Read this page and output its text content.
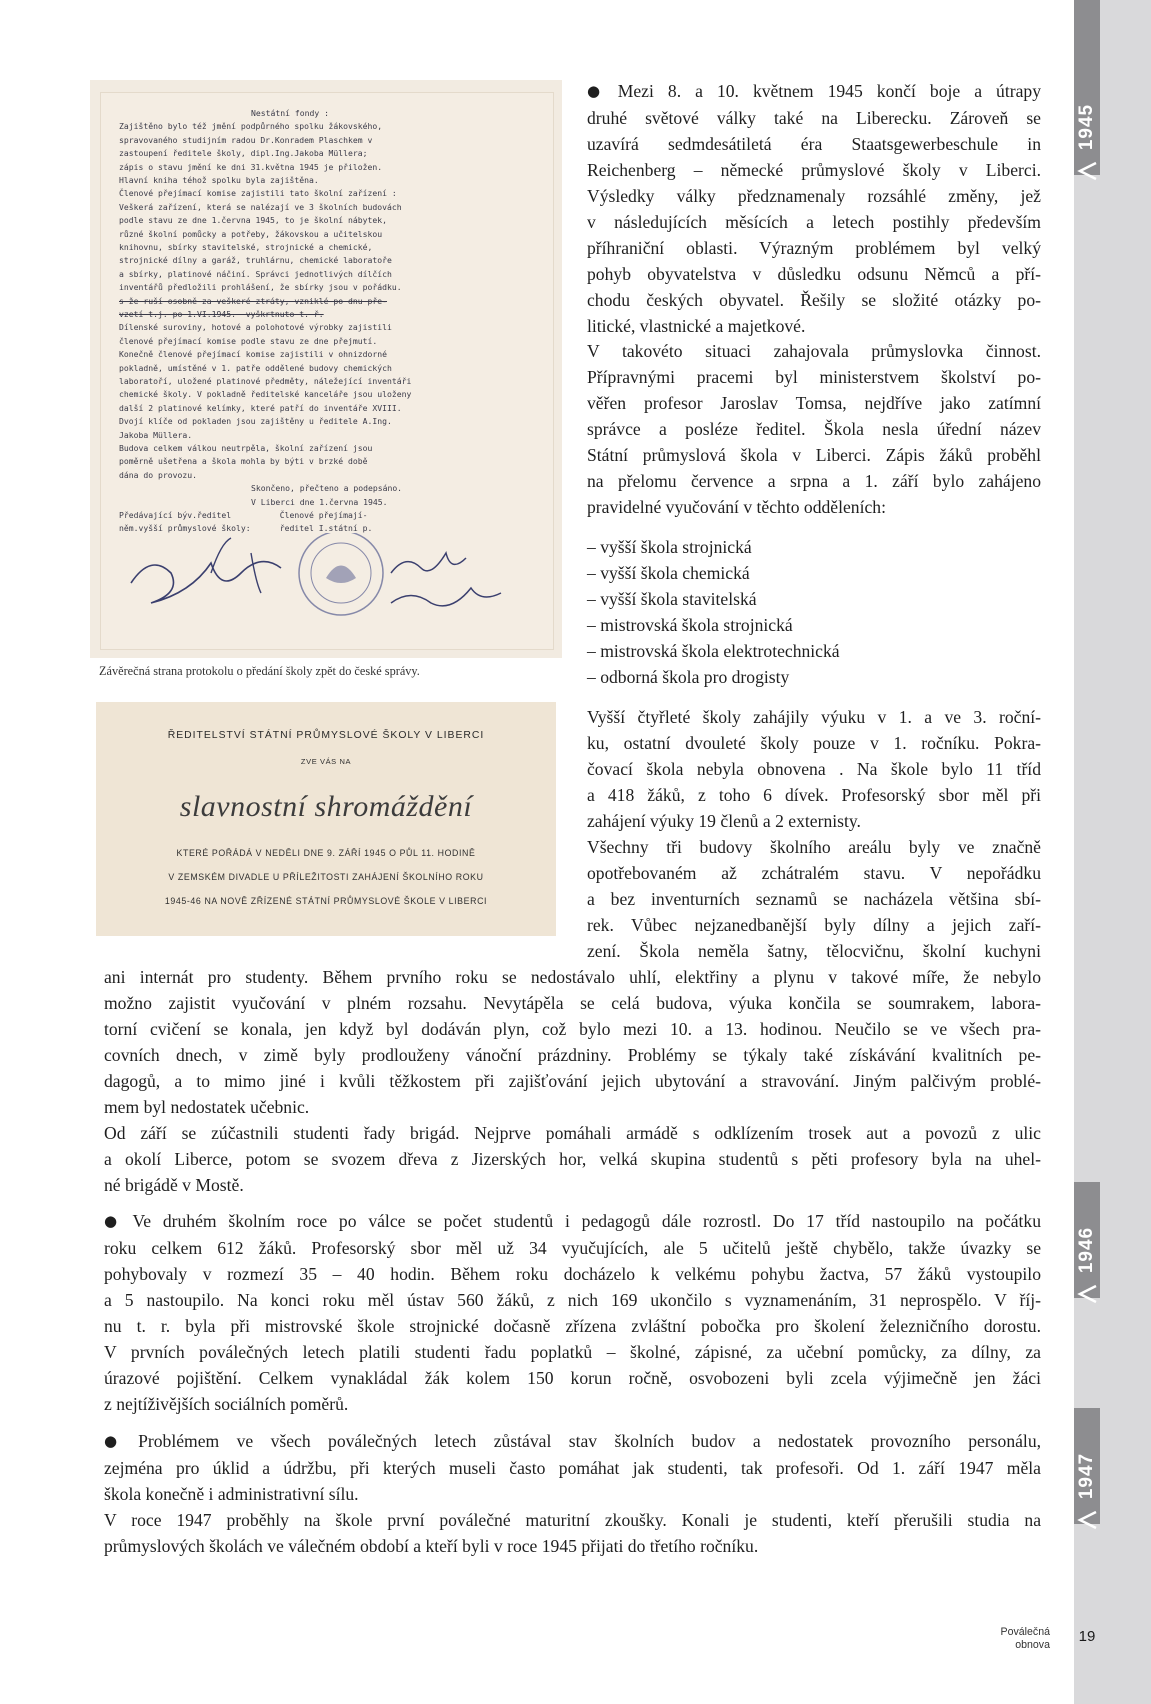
1945
1946
1947
Nestátní fondy :
Zajištěno bylo též jmění podpůrného spolku žákovského,
spravovaného studijním radou Dr.Konradem Plaschkem v
zastoupení ředitele školy, dipl.Ing.Jakoba Müllera;
zápis o stavu jmění ke dni 31.května 1945 je přiložen.
Hlavní kniha téhož spolku byla zajištěna.
Členové přejímací komise zajistili tato školní zařízení :
Veškerá zařízení, která se nalézají ve 3 školních budovách
podle stavu ze dne 1.června 1945, to je školní nábytek,
různé školní pomůcky a potřeby, žákovskou a učitelskou
knihovnu, sbírky stavitelské, strojnické a chemické,
strojnické dílny a garáž, truhlárnu, chemické laboratoře
a sbírky, platinové náčiní. Správci jednotlivých dílčích
inventářů předložili prohlášení, že sbírky jsou v pořádku.
s že ruší osobně za veškeré ztráty, vzniklé po dnu pře-
vzetí t.j. po 1.VI.1945.  vyškrtnuto t. ř.
Dílenské suroviny, hotové a polohotové výrobky zajistili
členové přejímací komise podle stavu ze dne přejmutí.
Konečně členové přejímací komise zajistili v ohnizdorné
pokladně, umístěné v 1. patře oddělené budovy chemických
laboratoří, uložené platinové předměty, náležející inventáři
chemické školy. V pokladně ředitelské kanceláře jsou uloženy
další 2 platinové kelímky, které patří do inventáře XVIII.
Dvojí klíče od pokladen jsou zajištěny u ředitele A.Ing.
Jakoba Müllera.
Budova celkem válkou neutrpěla, školní zařízení jsou
poměrně ušetřena a škola mohla by býti v brzké době
dána do provozu.
Skončeno, přečteno a podepsáno.
V Liberci dne 1.června 1945.
Předávající býv.ředitel          Členové přejímají-
něm.vyšší průmyslové školy:      ředitel I.státní p.
Závěrečná strana protokolu o předání školy zpět do české správy.
ŘEDITELSTVÍ STÁTNÍ PRŮMYSLOVÉ ŠKOLY V LIBERCI
ZVE VÁS NA
slavnostní shromáždění
KTERÉ POŘÁDÁ V NEDĚLI DNE 9. ZÁŘÍ 1945 O PŮL 11. HODINĚ
V ZEMSKÉM DIVADLE U PŘÍLEŽITOSTI ZAHÁJENÍ ŠKOLNÍHO ROKU
1945-46 NA NOVĚ ZŘÍZENÉ STÁTNÍ PRŮMYSLOVÉ ŠKOLE V LIBERCI
● Mezi 8. a 10. květnem 1945 končí boje a útrapy
druhé světové války také na Liberecku. Zároveň se
uzavírá sedmdesátiletá éra Staatsgewerbeschule in
Reichenberg – německé průmyslové školy v Liberci.
Výsledky války předznamenaly rozsáhlé změny, jež
v následujících měsících a letech postihly především
příhraniční oblasti. Výrazným problémem byl velký
pohyb obyvatelstva v důsledku odsunu Němců a pří-
chodu českých obyvatel. Řešily se složité otázky po-
litické, vlastnické a majetkové.
V takovéto situaci zahajovala průmyslovka činnost.
Přípravnými pracemi byl ministerstvem školství po-
věřen profesor Jaroslav Tomsa, nejdříve jako zatímní
správce a posléze ředitel. Škola nesla úřední název
Státní průmyslová škola v Liberci. Zápis žáků proběhl
na přelomu července a srpna a 1. září bylo zahájeno
pravidelné vyučování v těchto odděleních:
– vyšší škola strojnická
– vyšší škola chemická
– vyšší škola stavitelská
– mistrovská škola strojnická
– mistrovská škola elektrotechnická
– odborná škola pro drogisty
Vyšší čtyřleté školy zahájily výuku v 1. a ve 3. roční-
ku, ostatní dvouleté školy pouze v 1. ročníku. Pokra-
čovací škola nebyla obnovena . Na škole bylo 11 tříd
a 418 žáků, z toho 6 dívek. Profesorský sbor měl při
zahájení výuky 19 členů a 2 externisty.
Všechny tři budovy školního areálu byly ve značně
opotřebovaném až zchátralém stavu. V nepořádku
a bez inventurních seznamů se nacházela většina sbí-
rek. Vůbec nejzanedbanější byly dílny a jejich zaří-
zení. Škola neměla šatny, tělocvičnu, školní kuchyni
ani internát pro studenty. Během prvního roku se nedostávalo uhlí, elektřiny a plynu v takové míře, že nebylo
možno zajistit vyučování v plném rozsahu. Nevytápěla se celá budova, výuka končila se soumrakem, labora-
torní cvičení se konala, jen když byl dodáván plyn, což bylo mezi 10. a 13. hodinou. Neučilo se ve všech pra-
covních dnech, v zimě byly prodlouženy vánoční prázdniny. Problémy se týkaly také získávání kvalitních pe-
dagogů, a to mimo jiné i kvůli těžkostem při zajišťování jejich ubytování a stravování. Jiným palčivým problé-
mem byl nedostatek učebnic.
Od září se zúčastnili studenti řady brigád. Nejprve pomáhali armádě s odklízením trosek aut a povozů z ulic
a okolí Liberce, potom se svozem dřeva z Jizerských hor, velká skupina studentů s pěti profesory byla na uhel-
né brigádě v Mostě.
● Ve druhém školním roce po válce se počet studentů i pedagogů dále rozrostl. Do 17 tříd nastoupilo na počátku
roku celkem 612 žáků. Profesorský sbor měl už 34 vyučujících, ale 5 učitelů ještě chybělo, takže úvazky se
pohybovaly v rozmezí 35 – 40 hodin. Během roku docházelo k velkému pohybu žactva, 57 žáků vystoupilo
a 5 nastoupilo. Na konci roku měl ústav 560 žáků, z nich 169 ukončilo s vyznamenáním, 31 neprospělo. V říj-
nu t. r. byla při mistrovské škole strojnické dočasně zřízena zvláštní pobočka pro školení železničního dorostu.
V prvních poválečných letech platili studenti řadu poplatků – školné, zápisné, za učební pomůcky, za dílny, za
úrazové pojištění. Celkem vynakládal žák kolem 150 korun ročně, osvobozeni byli zcela výjimečně jen žáci
z nejtíživějších sociálních poměrů.
● Problémem ve všech poválečných letech zůstával stav školních budov a nedostatek provozního personálu,
zejména pro úklid a údržbu, při kterých museli často pomáhat jak studenti, tak profesoři. Od 1. září 1947 měla
škola konečně i administrativní sílu.
V roce 1947 proběhly na škole první poválečné maturitní zkoušky. Konali je studenti, kteří přerušili studia na
průmyslových školách ve válečném období a kteří byli v roce 1945 přijati do třetího ročníku.
Poválečná
obnova	19
